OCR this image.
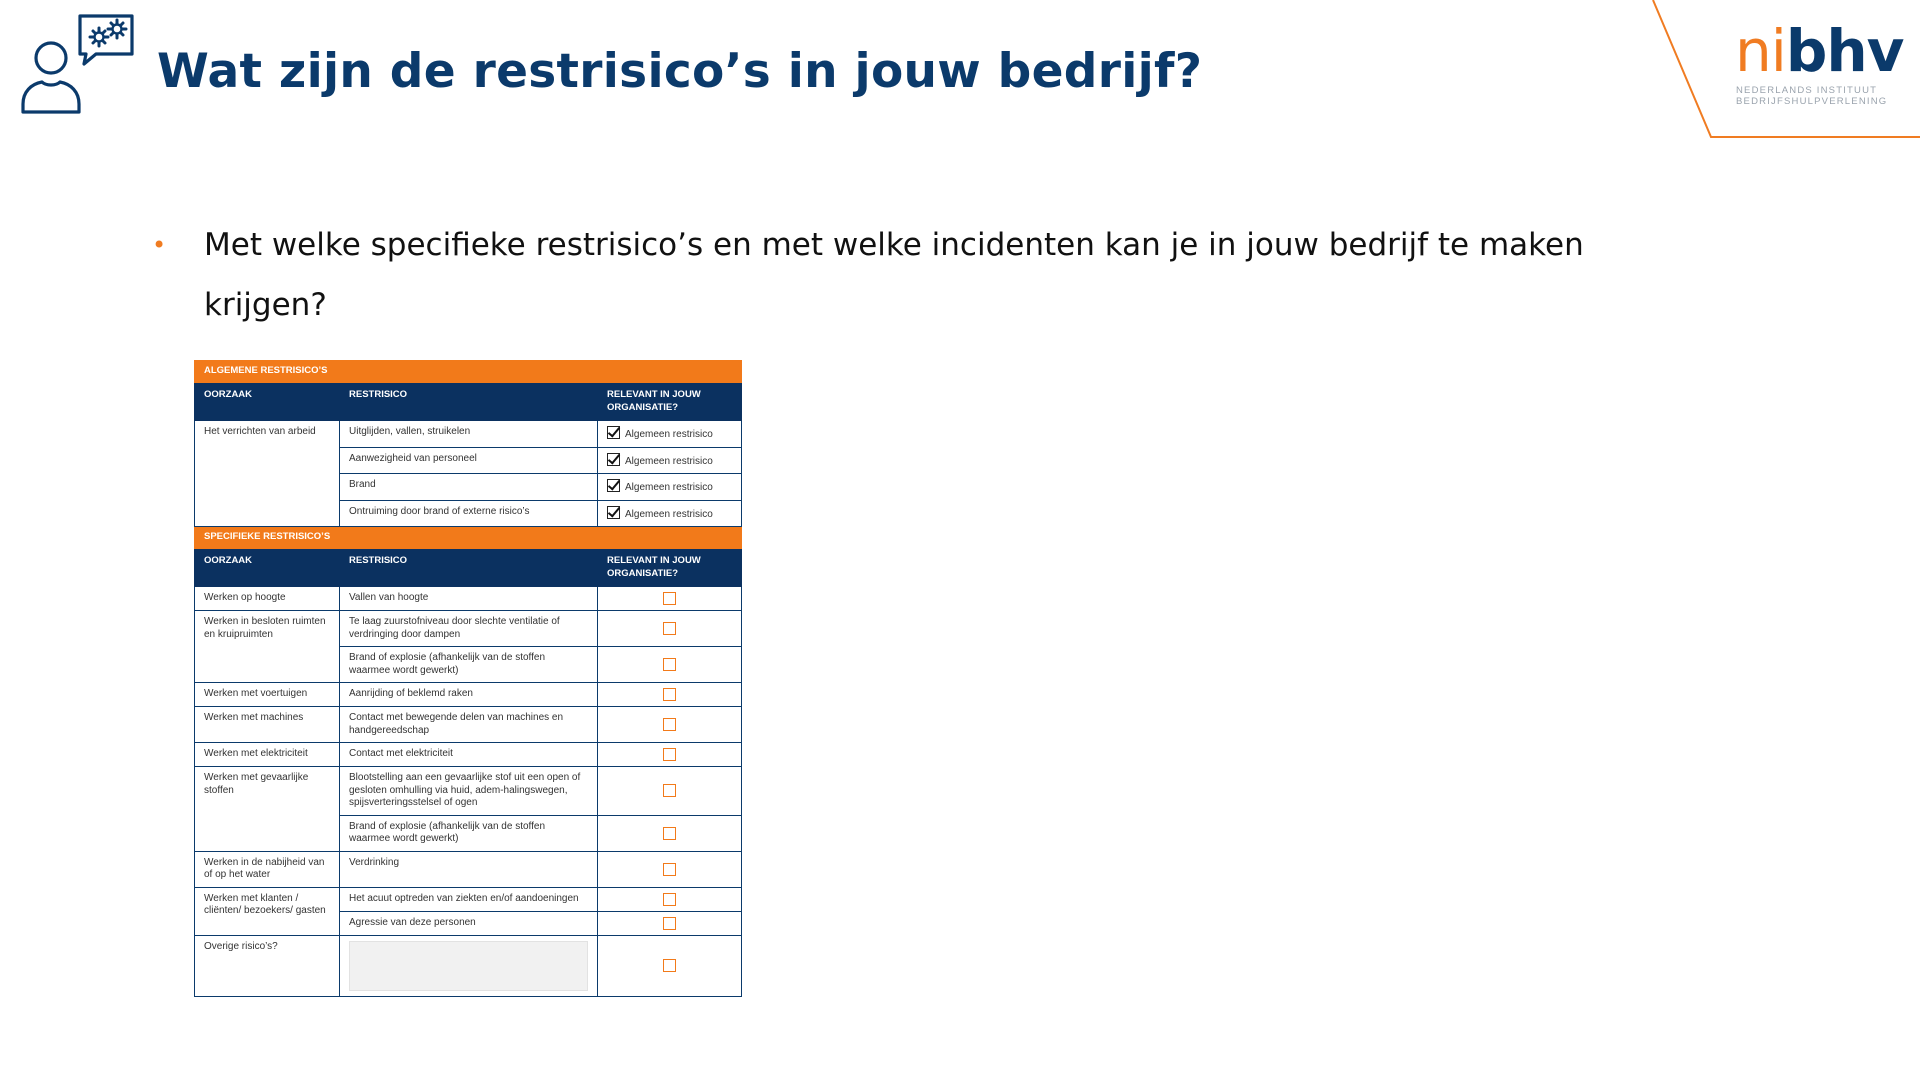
Wat zijn de restrisico’s in jouw bedrijf?	nibhv
NEDERLANDS INSTITUUT
BEDRIJFSHULPVERLENING
•	Met welke specifieke restrisico’s en met welke incidenten kan je in jouw bedrijf te maken krijgen?
ALGEMENE RESTRISICO’S		
OORZAAK	RESTRISICO	RELEVANT IN JOUW ORGANISATIE?
Het verrichten van arbeid	Uitglijden, vallen, struikelen	Algemeen restrisico
	Aanwezigheid van personeel	Algemeen restrisico
	Brand	Algemeen restrisico
	Ontruiming door brand of externe risico’s	Algemeen restrisico
SPECIFIEKE RESTRISICO’S		
OORZAAK	RESTRISICO	RELEVANT IN JOUW ORGANISATIE?
Werken op hoogte	Vallen van hoogte	

Werken in besloten ruimten en kruipruimten	Te laag zuurstofniveau door slechte ventilatie of verdringing door dampen	

	Brand of explosie (afhankelijk van de stoffen waarmee wordt gewerkt)	

Werken met voertuigen	Aanrijding of beklemd raken	

Werken met machines	Contact met bewegende delen van machines en handgereedschap	

Werken met elektriciteit	Contact met elektriciteit	

Werken met gevaarlijke stoffen	Blootstelling aan een gevaarlijke stof uit een open of gesloten omhulling via huid, adem-halingswegen, spijsverteringsstelsel of ogen	

	Brand of explosie (afhankelijk van de stoffen waarmee wordt gewerkt)	

Werken in de nabijheid van of op het water	Verdrinking	

Werken met klanten / cliënten/ bezoekers/ gasten	Het acuut optreden van ziekten en/of aandoeningen	

	Agressie van deze personen	

Overige risico’s?	
